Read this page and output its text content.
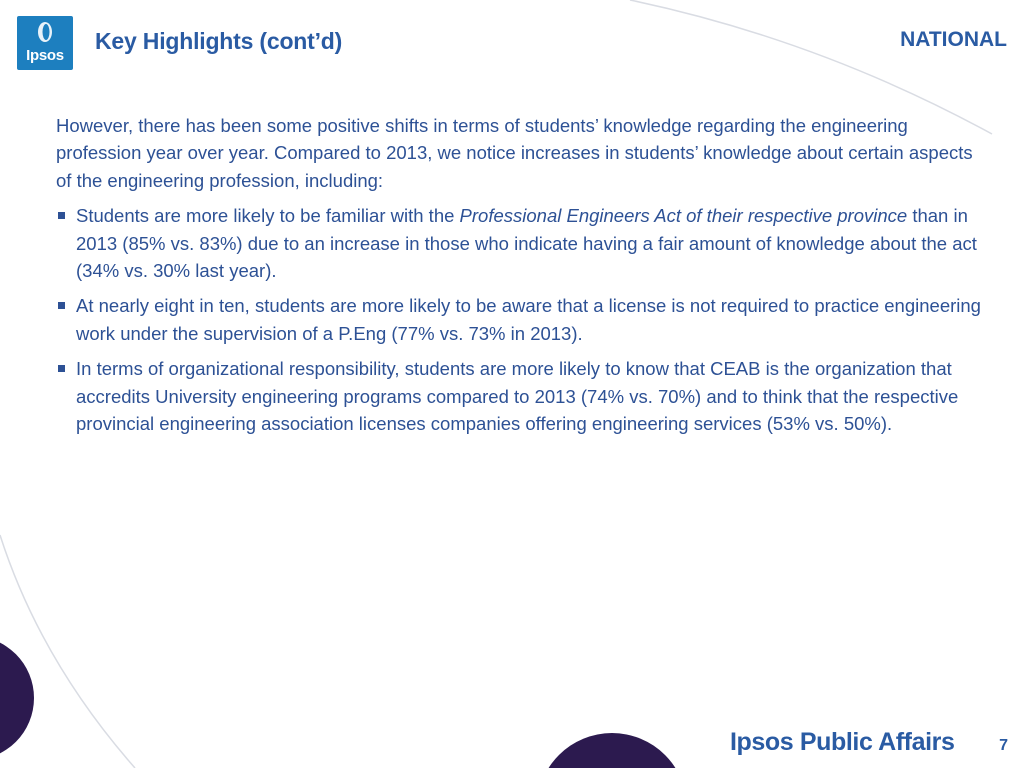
Ipsos
Key Highlights (cont’d)	NATIONAL

However, there has been some positive shifts in terms of students’ knowledge regarding the engineering profession year over year. Compared to 2013, we notice increases in students’ knowledge about certain aspects of the engineering profession, including:

Students are more likely to be familiar with the Professional Engineers Act of their respective province than in 2013 (85% vs. 83%) due to an increase in those who indicate having a fair amount of knowledge about the act (34% vs. 30% last year).
At nearly eight in ten, students are more likely to be aware that a license is not required to practice engineering work under the supervision of a P.Eng (77% vs. 73% in 2013).
In terms of organizational responsibility, students are more likely to know that CEAB is the organization that accredits University engineering programs compared to 2013 (74% vs. 70%) and to think that the respective provincial engineering association licenses companies offering engineering services (53% vs. 50%).
Ipsos Public Affairs	7
